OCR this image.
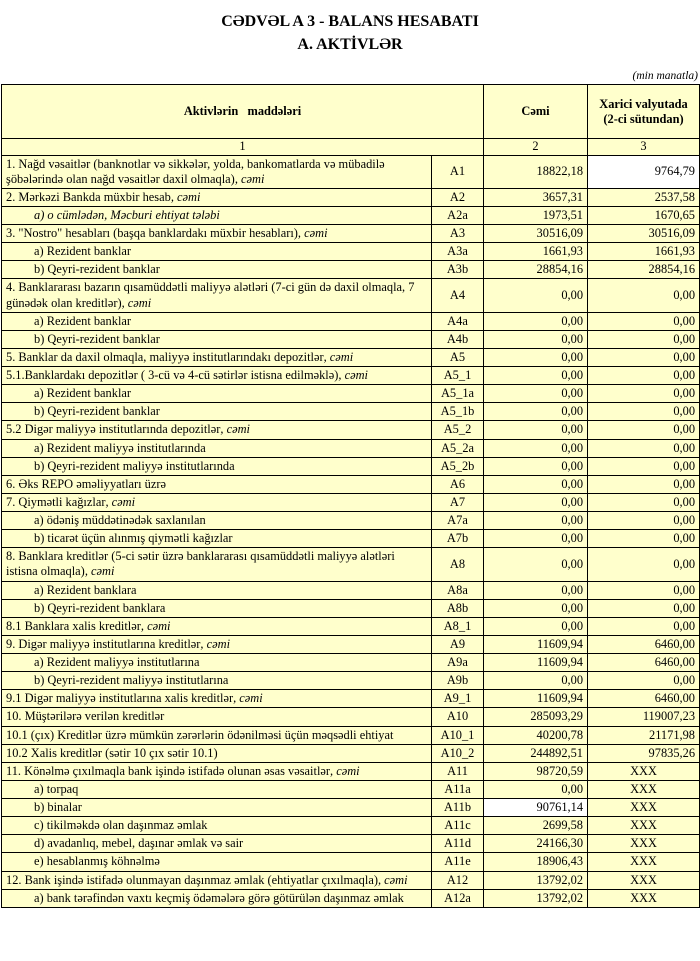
CƏDVƏL A 3 - BALANS HESABATI
A. AKTİVLƏR
(min manatla)
Aktivlərin   maddələri		Cəmi	Xarici valyutada (2-ci sütundan)
1		2	3
1. Nağd vəsaitlər (banknotlar və sikkələr, yolda, bankomatlarda və mübadilə şöbələrində olan nağd vəsaitlər daxil olmaqla), cəmi	A1	18822,18	9764,79
2. Mərkəzi Bankda müxbir hesab, cəmi	A2	3657,31	2537,58
a) o cümlədən, Məcburi ehtiyat tələbi	A2a	1973,51	1670,65
3. "Nostro" hesabları (başqa banklardakı müxbir hesabları), cəmi	A3	30516,09	30516,09
a) Rezident banklar	A3a	1661,93	1661,93
b) Qeyri-rezident banklar	A3b	28854,16	28854,16
4. Banklararası bazarın qısamüddətli maliyyə alətləri (7-ci gün də daxil olmaqla, 7 günədək olan kreditlər), cəmi	A4	0,00	0,00
a) Rezident banklar	A4a	0,00	0,00
b) Qeyri-rezident banklar	A4b	0,00	0,00
5. Banklar da daxil olmaqla, maliyyə institutlarındakı depozitlər, cəmi	A5	0,00	0,00
5.1.Banklardakı depozitlər ( 3-cü və 4-cü sətirlər istisna edilməklə), cəmi	A5_1	0,00	0,00
a) Rezident banklar	A5_1a	0,00	0,00
b) Qeyri-rezident banklar	A5_1b	0,00	0,00
5.2 Digər maliyyə institutlarında depozitlər, cəmi	A5_2	0,00	0,00
a) Rezident maliyyə institutlarında	A5_2a	0,00	0,00
b) Qeyri-rezident maliyyə institutlarında	A5_2b	0,00	0,00
6. Əks REPO əməliyyatları üzrə	A6	0,00	0,00
7. Qiymətli kağızlar, cəmi	A7	0,00	0,00
a) ödəniş müddətinədək saxlanılan	A7a	0,00	0,00
b) ticarət üçün alınmış qiymətli kağızlar	A7b	0,00	0,00
8. Banklara kreditlər (5-ci sətir üzrə banklararası qısamüddətli maliyyə alətləri istisna olmaqla), cəmi	A8	0,00	0,00
a) Rezident banklara	A8a	0,00	0,00
b) Qeyri-rezident banklara	A8b	0,00	0,00
8.1 Banklara xalis kreditlər, cəmi	A8_1	0,00	0,00
9. Digər maliyyə institutlarına kreditlər, cəmi	A9	11609,94	6460,00
a) Rezident maliyyə institutlarına	A9a	11609,94	6460,00
b) Qeyri-rezident maliyyə institutlarına	A9b	0,00	0,00
9.1 Digər maliyyə institutlarına xalis kreditlər, cəmi	A9_1	11609,94	6460,00
10. Müştərilərə verilən kreditlər	A10	285093,29	119007,23
10.1 (çıx) Kreditlər üzrə mümkün zərərlərin ödənilməsi üçün məqsədli ehtiyat	A10_1	40200,78	21171,98
10.2 Xalis kreditlər (sətir 10 çıx sətir 10.1)	A10_2	244892,51	97835,26
11. Könəlmə çıxılmaqla bank işində istifadə olunan əsas vəsaitlər, cəmi	A11	98720,59	XXX
a) torpaq	A11a	0,00	XXX
b) binalar	A11b	90761,14	XXX
c) tikilməkdə olan daşınmaz əmlak	A11c	2699,58	XXX
d) avadanlıq, mebel, daşınar əmlak və sair	A11d	24166,30	XXX
e) hesablanmış köhnəlmə	A11e	18906,43	XXX
12. Bank işində istifadə olunmayan daşınmaz əmlak (ehtiyatlar çıxılmaqla), cəmi	A12	13792,02	XXX
a) bank tərəfindən vaxtı keçmiş ödəmələrə görə götürülən daşınmaz əmlak	A12a	13792,02	XXX
